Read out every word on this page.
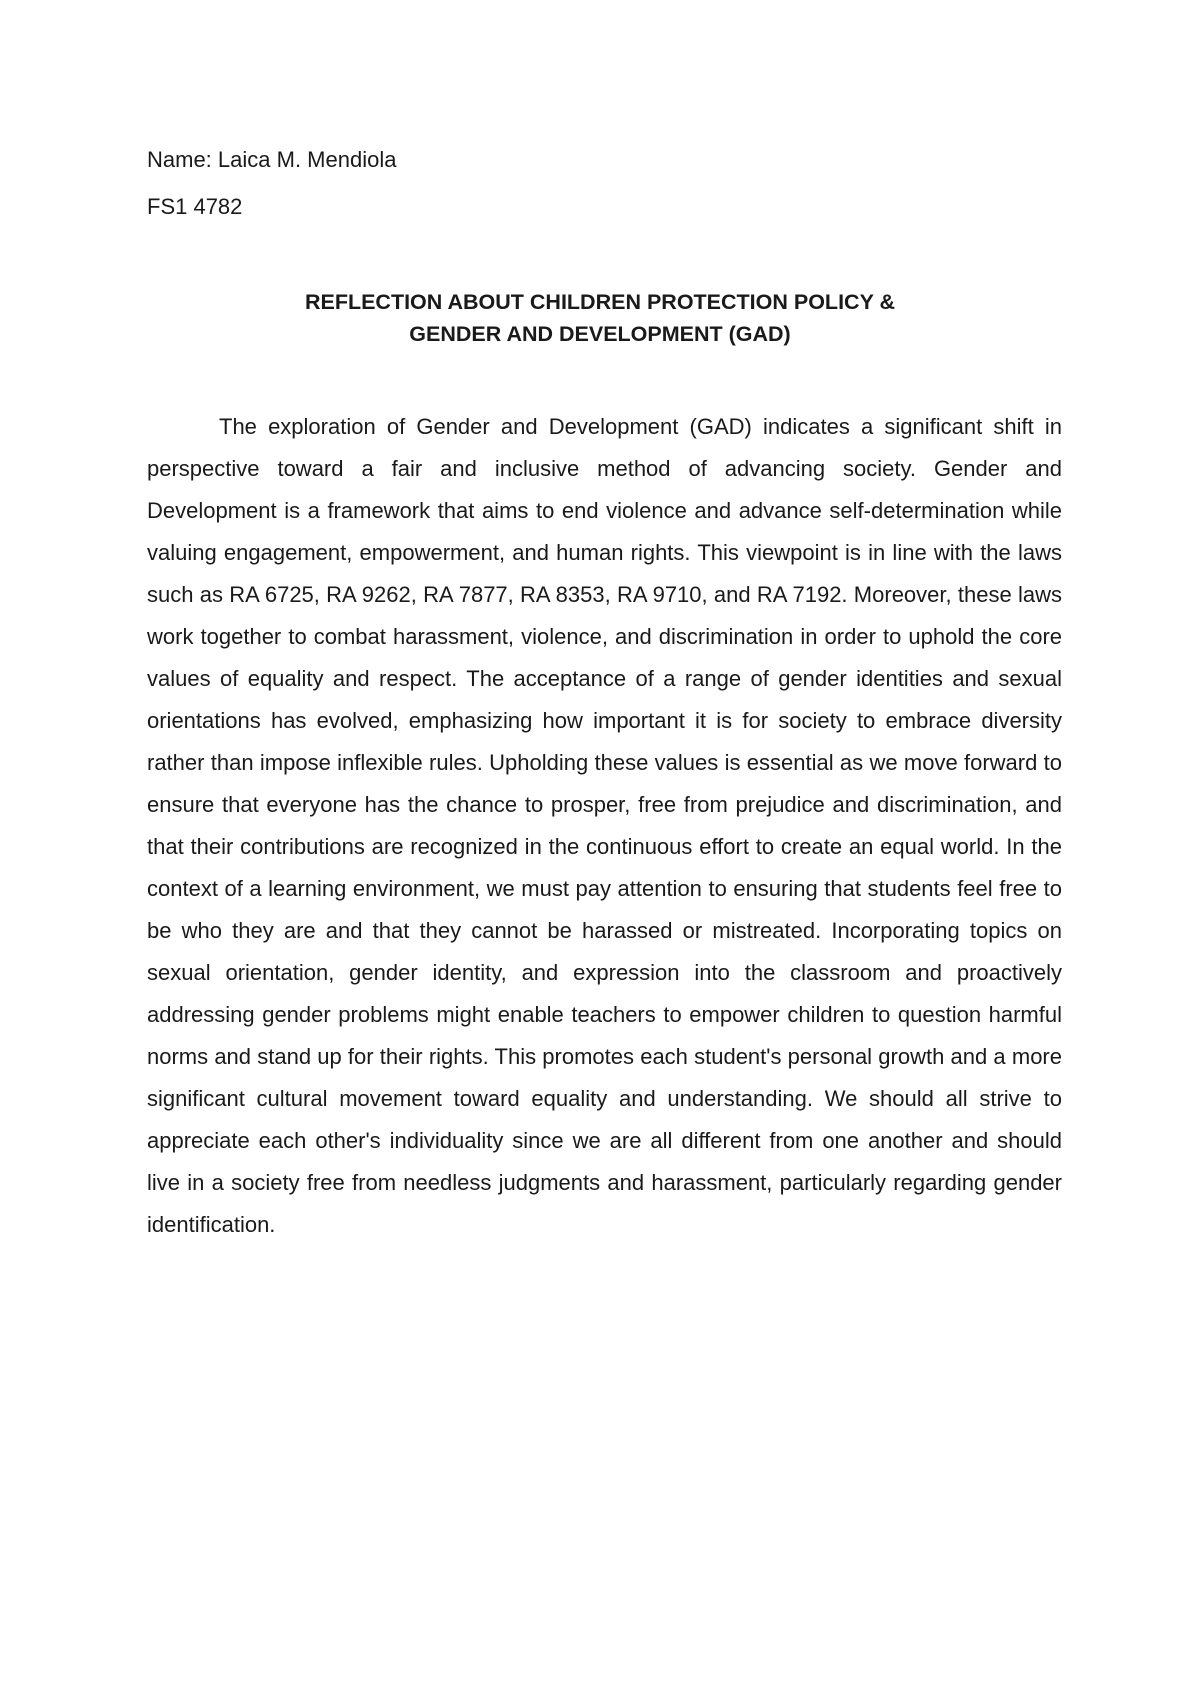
Name: Laica M. Mendiola
FS1 4782
REFLECTION ABOUT CHILDREN PROTECTION POLICY &
GENDER AND DEVELOPMENT (GAD)

The exploration of Gender and Development (GAD) indicates a significant shift in perspective toward a fair and inclusive method of advancing society. Gender and Development is a framework that aims to end violence and advance self-determination while valuing engagement, empowerment, and human rights. This viewpoint is in line with the laws such as RA 6725, RA 9262, RA 7877, RA 8353, RA 9710, and RA 7192. Moreover, these laws work together to combat harassment, violence, and discrimination in order to uphold the core values of equality and respect. The acceptance of a range of gender identities and sexual orientations has evolved, emphasizing how important it is for society to embrace diversity rather than impose inflexible rules. Upholding these values is essential as we move forward to ensure that everyone has the chance to prosper, free from prejudice and discrimination, and that their contributions are recognized in the continuous effort to create an equal world. In the context of a learning environment, we must pay attention to ensuring that students feel free to be who they are and that they cannot be harassed or mistreated. Incorporating topics on sexual orientation, gender identity, and expression into the classroom and proactively addressing gender problems might enable teachers to empower children to question harmful norms and stand up for their rights. This promotes each student's personal growth and a more significant cultural movement toward equality and understanding. We should all strive to appreciate each other's individuality since we are all different from one another and should live in a society free from needless judgments and harassment, particularly regarding gender identification.
